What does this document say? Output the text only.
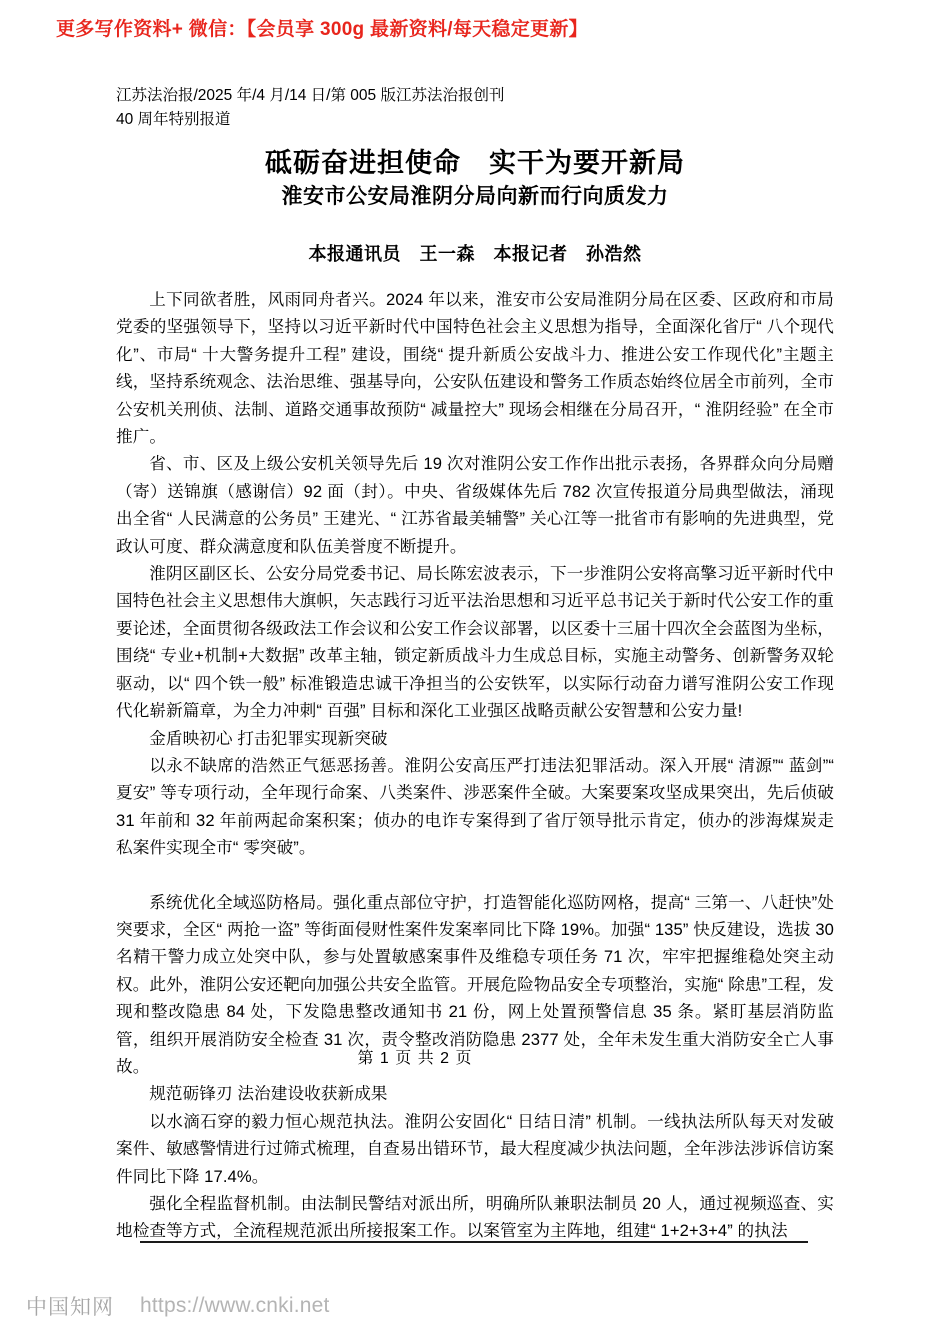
更多写作资料+ 微信：【会员享 300g 最新资料/每天稳定更新】
江苏法治报/2025 年/4 月/14 日/第 005 版江苏法治报创刊 40 周年特别报道
砥砺奋进担使命　实干为要开新局
淮安市公安局淮阴分局向新而行向质发力
本报通讯员　王一森　本报记者　孙浩然

上下同欲者胜，风雨同舟者兴。2024 年以来，淮安市公安局淮阴分局在区委、区政府和市局党委的坚强领导下，坚持以习近平新时代中国特色社会主义思想为指导，全面深化省厅“ 八个现代化”、市局“ 十大警务提升工程” 建设，围绕“ 提升新质公安战斗力、推进公安工作现代化”主题主线，坚持系统观念、法治思维、强基导向，公安队伍建设和警务工作质态始终位居全市前列，全市公安机关刑侦、法制、道路交通事故预防“ 减量控大” 现场会相继在分局召开，“ 淮阴经验” 在全市推广。

省、市、区及上级公安机关领导先后 19 次对淮阴公安工作作出批示表扬，各界群众向分局赠（寄）送锦旗（感谢信）92 面（封）。中央、省级媒体先后 782 次宣传报道分局典型做法，涌现出全省“ 人民满意的公务员” 王建光、“ 江苏省最美辅警” 关心江等一批省市有影响的先进典型，党政认可度、群众满意度和队伍美誉度不断提升。

淮阴区副区长、公安分局党委书记、局长陈宏波表示，下一步淮阴公安将高擎习近平新时代中国特色社会主义思想伟大旗帜，矢志践行习近平法治思想和习近平总书记关于新时代公安工作的重要论述，全面贯彻各级政法工作会议和公安工作会议部署，以区委十三届十四次全会蓝图为坐标，围绕“ 专业+机制+大数据” 改革主轴，锁定新质战斗力生成总目标，实施主动警务、创新警务双轮驱动，以“ 四个铁一般” 标准锻造忠诚干净担当的公安铁军，以实际行动奋力谱写淮阴公安工作现代化崭新篇章，为全力冲刺“ 百强” 目标和深化工业强区战略贡献公安智慧和公安力量!

金盾映初心 打击犯罪实现新突破

以永不缺席的浩然正气惩恶扬善。淮阴公安高压严打违法犯罪活动。深入开展“ 清源”“ 蓝剑”“ 夏安” 等专项行动，全年现行命案、八类案件、涉恶案件全破。大案要案攻坚成果突出，先后侦破 31 年前和 32 年前两起命案积案；侦办的电诈专案得到了省厅领导批示肯定，侦办的涉海煤炭走私案件实现全市“ 零突破”。

系统优化全域巡防格局。强化重点部位守护，打造智能化巡防网格，提高“ 三第一、八赶快”处突要求，全区“ 两抢一盗” 等街面侵财性案件发案率同比下降 19%。加强“ 135” 快反建设，选拔 30 名精干警力成立处突中队，参与处置敏感案事件及维稳专项任务 71 次，牢牢把握维稳处突主动权。此外，淮阴公安还靶向加强公共安全监管。开展危险物品安全专项整治，实施“ 除患”工程，发现和整改隐患 84 处，下发隐患整改通知书 21 份，网上处置预警信息 35 条。紧盯基层消防监管，组织开展消防安全检查 31 次，责令整改消防隐患 2377 处，全年未发生重大消防安全亡人事故。

规范砺锋刃 法治建设收获新成果

以水滴石穿的毅力恒心规范执法。淮阴公安固化“ 日结日清” 机制。一线执法所队每天对发破案件、敏感警情进行过筛式梳理，自查易出错环节，最大程度减少执法问题，全年涉法涉诉信访案件同比下降 17.4%。

强化全程监督机制。由法制民警结对派出所，明确所队兼职法制员 20 人，通过视频巡查、实地检查等方式，全流程规范派出所接报案工作。以案管室为主阵地，组建“ 1+2+3+4” 的执法

第 1 页 共 2 页
中国知网 https://www.cnki.net
